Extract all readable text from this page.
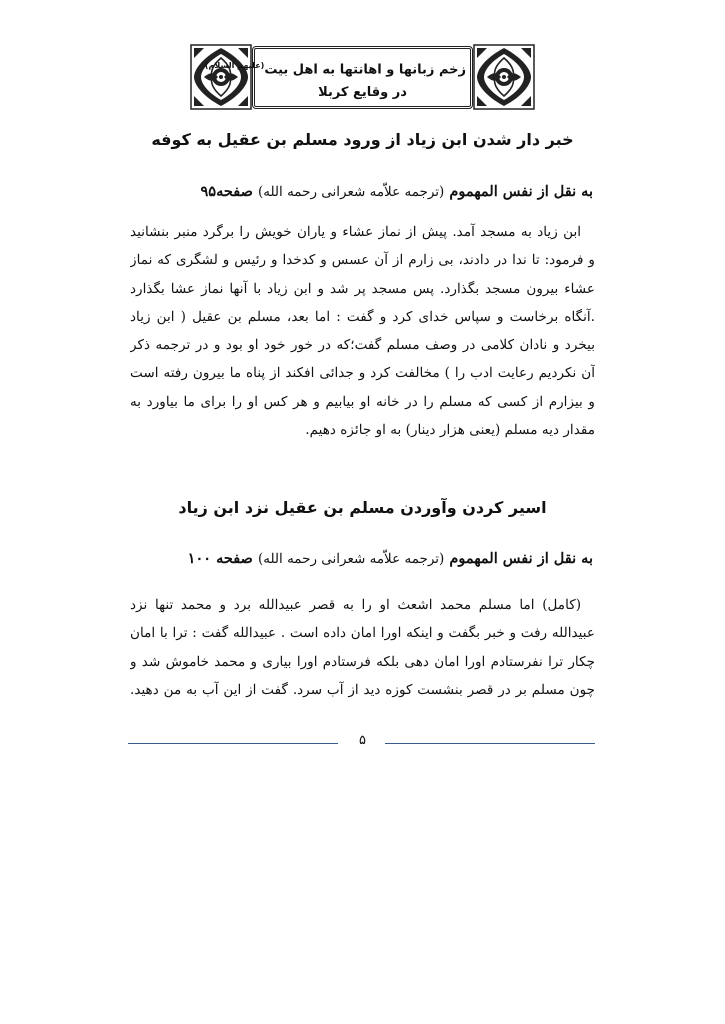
زخم زبانها و اهانتها به اهل بیت$^{(علیهم السلام)}$
در وقایع کربلا
خبر دار شدن ابن زیاد از ورود مسلم بن عقیل به کوفه
به نقل از نفس المهموم (ترجمه علاّمه شعرانی رحمه الله) صفحه۹۵
ابن زیاد به مسجد آمد. پیش از نماز عشاء و یاران خویش را برگرد منبر بنشانید
و فرمود: تا ندا در دادند، بی زارم از آن عسس و کدخدا و رئیس و لشگری که نماز
عشاء بیرون مسجد بگذارد. پس مسجد پر شد و ابن زیاد با آنها نماز عشا بگذارد
.آنگاه برخاست و سپاس خدای کرد و گفت : اما بعد، مسلم بن عقیل ( ابن زیاد
بیخرد و نادان کلامی در وصف مسلم گفت؛که در خور خود او بود و در ترجمه ذکر
آن نکردیم رعایت ادب را ) مخالفت کرد و جدائی افکند از پناه ما بیرون رفته است
و بیزارم از کسی که مسلم را در خانه او بیابیم و هر کس او را برای ما بیاورد به
مقدار دیه مسلم (یعنی هزار دینار) به او جائزه دهیم.
اسیر کردن وآوردن مسلم بن عقیل نزد ابن زیاد
به نقل از نفس المهموم (ترجمه علاّمه شعرانی رحمه الله) صفحه ۱۰۰
(کامل) اما مسلم محمد اشعث او را به قصر عبیدالله برد و محمد تنها نزد
عبیدالله رفت و خبر بگفت و اینکه اورا امان داده است . عبیدالله گفت : ترا با امان
چکار ترا نفرستادم اورا امان دهی بلکه فرستادم اورا بیاری و محمد خاموش شد و
چون مسلم بر در قصر بنشست کوزه دید از آب سرد. گفت از این آب به من دهید.
۵
